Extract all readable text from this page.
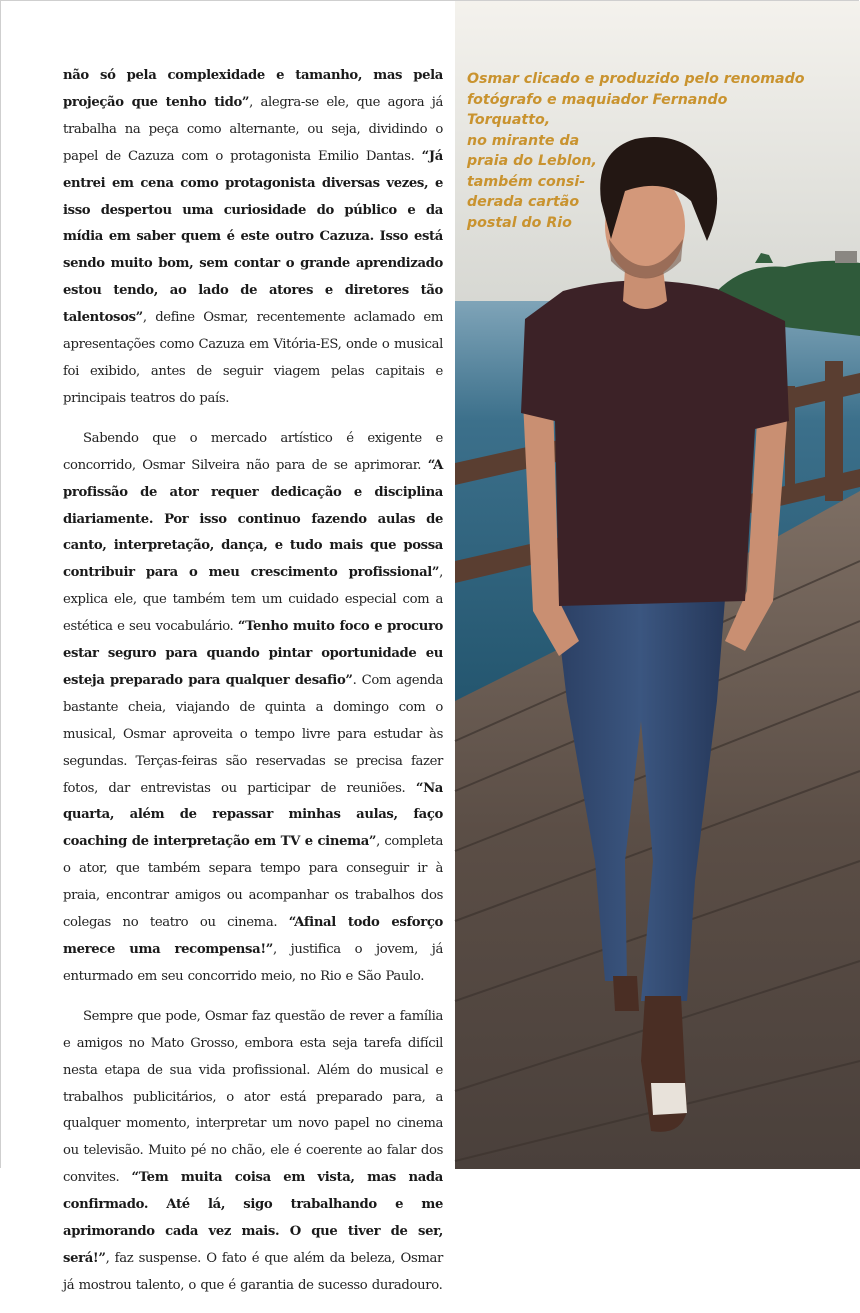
não só pela complexidade e tamanho, mas pela projeção que tenho tido”, alegra-se ele, que agora já trabalha na peça como alternante, ou seja, dividindo o papel de Cazuza com o protagonista Emilio Dantas. “Já entrei em cena como protagonista diversas vezes, e isso despertou uma curiosidade do público e da mídia em saber quem é este outro Cazuza. Isso está sendo muito bom, sem contar o grande aprendizado estou tendo, ao lado de atores e diretores tão talentosos”, define Osmar, recentemente aclamado em apresentações como Cazuza em Vitória-ES, onde o musical foi exibido, antes de seguir viagem pelas capitais e principais teatros do país.

Sabendo que o mercado artístico é exigente e concorrido, Osmar Silveira não para de se aprimorar. “A profissão de ator requer dedicação e disciplina diariamente. Por isso continuo fazendo aulas de canto, interpretação, dança, e tudo mais que possa contribuir para o meu crescimento profissional”, explica ele, que também tem um cuidado especial com a estética e seu vocabulário. “Tenho muito foco e procuro estar seguro para quando pintar oportunidade eu esteja preparado para qualquer desafio”. Com agenda bastante cheia, viajando de quinta a domingo com o musical, Osmar aproveita o tempo livre para estudar às segundas. Terças-feiras são reservadas se precisa fazer fotos, dar entrevistas ou participar de reuniões. “Na quarta, além de repassar minhas aulas, faço coaching de interpretação em TV e cinema”, completa o ator, que também separa tempo para conseguir ir à praia, encontrar amigos ou acompanhar os trabalhos dos colegas no teatro ou cinema. “Afinal todo esforço merece uma recompensa!”, justifica o jovem, já enturmado em seu concorrido meio, no Rio e São Paulo.

Sempre que pode, Osmar faz questão de rever a família e amigos no Mato Grosso, embora esta seja tarefa difícil nesta etapa de sua vida profissional. Além do musical e trabalhos publicitários, o ator está preparado para, a qualquer momento, interpretar um novo papel no cinema ou televisão. Muito pé no chão, ele é coerente ao falar dos convites. “Tem muita coisa em vista, mas nada confirmado. Até lá, sigo trabalhando e me aprimorando cada vez mais. O que tiver de ser, será!”, faz suspense. O fato é que além da beleza, Osmar já mostrou talento, o que é garantia de sucesso duradouro.

Osmar clicado e produzido pelo renomado
fotógrafo e maquiador Fernando Torquatto,
no mirante da
praia do Leblon,
também consi-
derada cartão
postal do Rio
